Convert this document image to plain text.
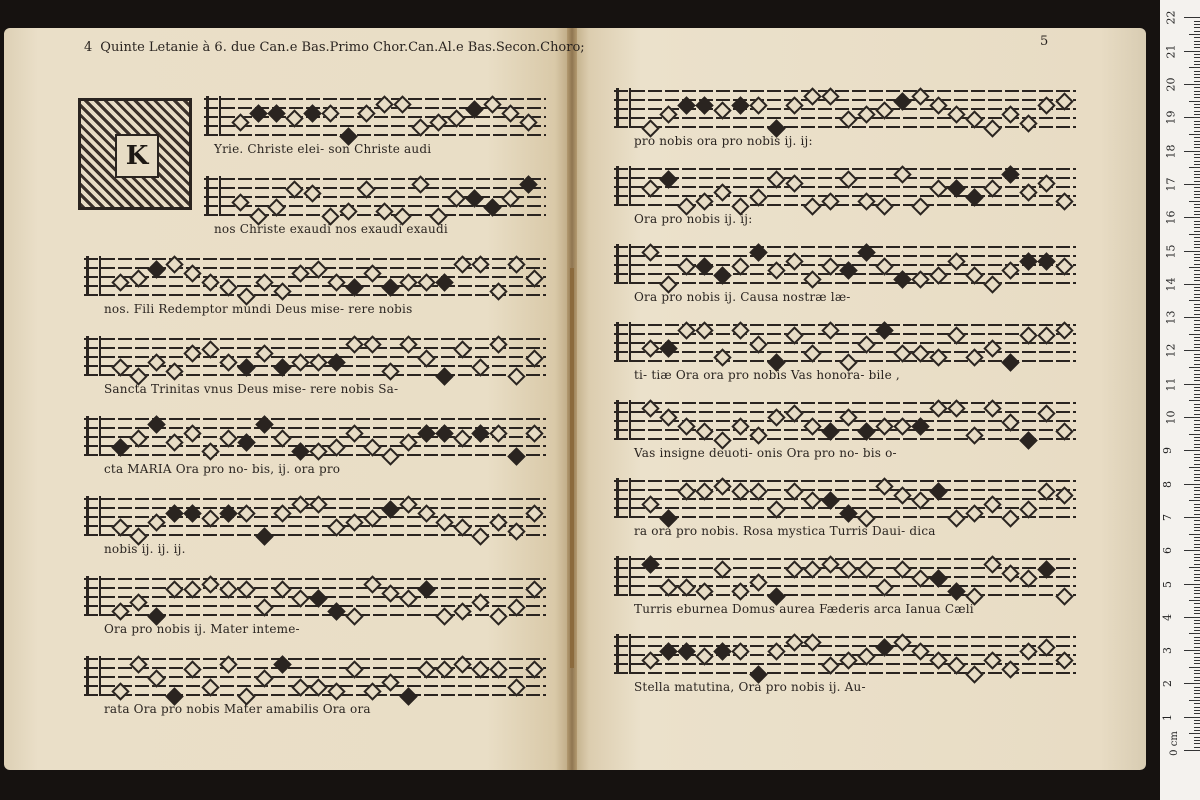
4 Quinte Letanie à 6. due Can.e Bas.Primo Chor.Can.Al.e Bas.Secon.Choro;	5
K	Yrie. Christe elei- son Christe audi
nos Christe exaudi nos exaudi exaudi
nos. Fili Redemptor mundi Deus mise- rere nobis
Sancta Trinitas vnus Deus mise- rere nobis Sa-
cta MARIA Ora pro no- bis, ij. ora pro
nobis ij. ij. ij.
Ora pro nobis ij. Mater inteme-
rata Ora pro nobis Mater amabilis Ora ora
pro nobis ora pro nobis ij. ij:
Ora pro nobis ij. ij:
Ora pro nobis ij. Causa nostræ læ-
ti- tiæ Ora ora pro nobis Vas honora- bile ,
Vas insigne deuoti- onis Ora pro no- bis o-
ra ora pro nobis. Rosa mystica Turris Daui- dica
Turris eburnea Domus aurea Fæderis arca Ianua Cæli
Stella matutina, Ora pro nobis ij. Au-
0 cm
1
2
3
4
5
6
7
8
9
10
11
12
13
14
15
16
17
18
19
20
21
22
